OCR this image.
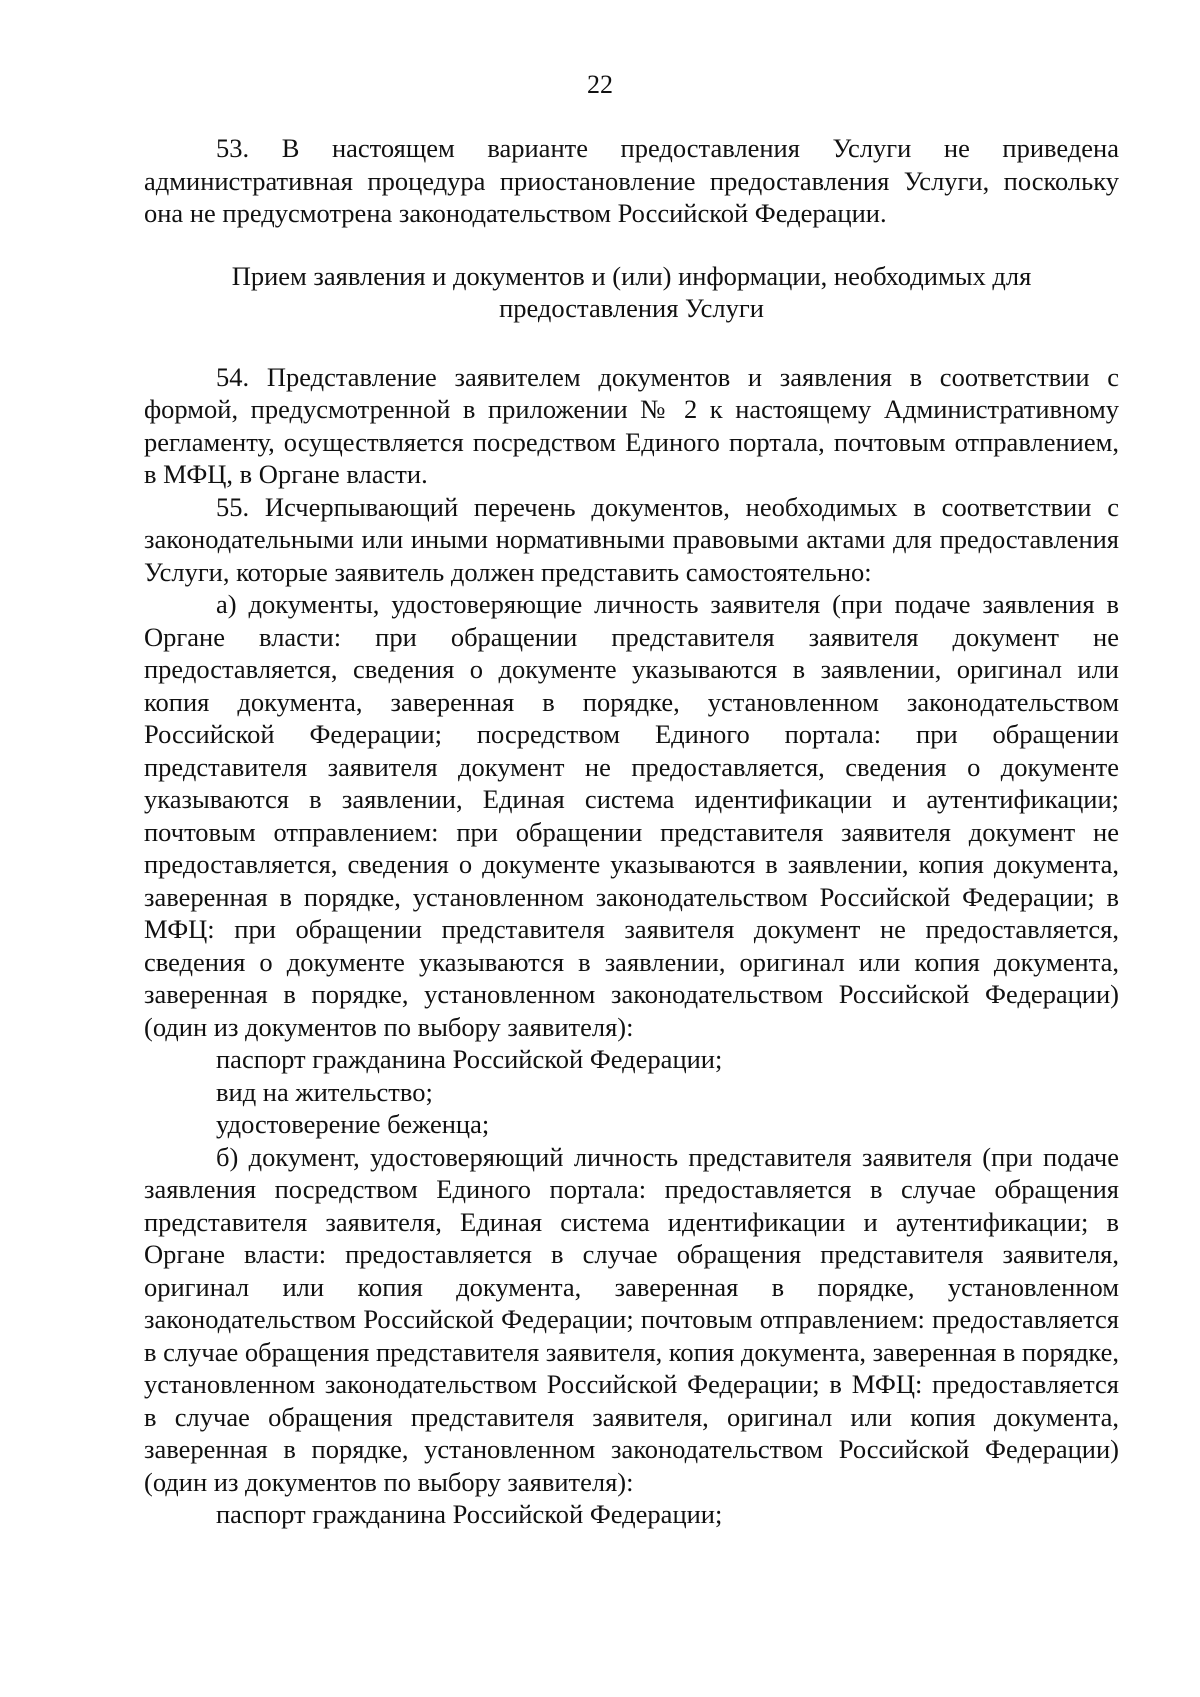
22

53. В настоящем варианте предоставления Услуги не приведена административная процедура приостановление предоставления Услуги, поскольку она не предусмотрена законодательством Российской Федерации.

Прием заявления и документов и (или) информации, необходимых для

предоставления Услуги

54. Представление заявителем документов и заявления в соответствии с формой, предусмотренной в приложении № 2 к настоящему Административному регламенту, осуществляется посредством Единого портала, почтовым отправлением, в МФЦ, в Органе власти.

55. Исчерпывающий перечень документов, необходимых в соответствии с законодательными или иными нормативными правовыми актами для предоставления Услуги, которые заявитель должен представить самостоятельно:

а) документы, удостоверяющие личность заявителя (при подаче заявления в Органе власти: при обращении представителя заявителя документ не предоставляется, сведения о документе указываются в заявлении, оригинал или копия документа, заверенная в порядке, установленном законодательством Российской Федерации; посредством Единого портала: при обращении представителя заявителя документ не предоставляется, сведения о документе указываются в заявлении, Единая система идентификации и аутентификации; почтовым отправлением: при обращении представителя заявителя документ не предоставляется, сведения о документе указываются в заявлении, копия документа, заверенная в порядке, установленном законодательством Российской Федерации; в МФЦ: при обращении представителя заявителя документ не предоставляется, сведения о документе указываются в заявлении, оригинал или копия документа, заверенная в порядке, установленном законодательством Российской Федерации) (один из документов по выбору заявителя):

паспорт гражданина Российской Федерации;

вид на жительство;

удостоверение беженца;

б) документ, удостоверяющий личность представителя заявителя (при подаче заявления посредством Единого портала: предоставляется в случае обращения представителя заявителя, Единая система идентификации и аутентификации; в Органе власти: предоставляется в случае обращения представителя заявителя, оригинал или копия документа, заверенная в порядке, установленном законодательством Российской Федерации; почтовым отправлением: предоставляется в случае обращения представителя заявителя, копия документа, заверенная в порядке, установленном законодательством Российской Федерации; в МФЦ: предоставляется в случае обращения представителя заявителя, оригинал или копия документа, заверенная в порядке, установленном законодательством Российской Федерации) (один из документов по выбору заявителя):

паспорт гражданина Российской Федерации;
